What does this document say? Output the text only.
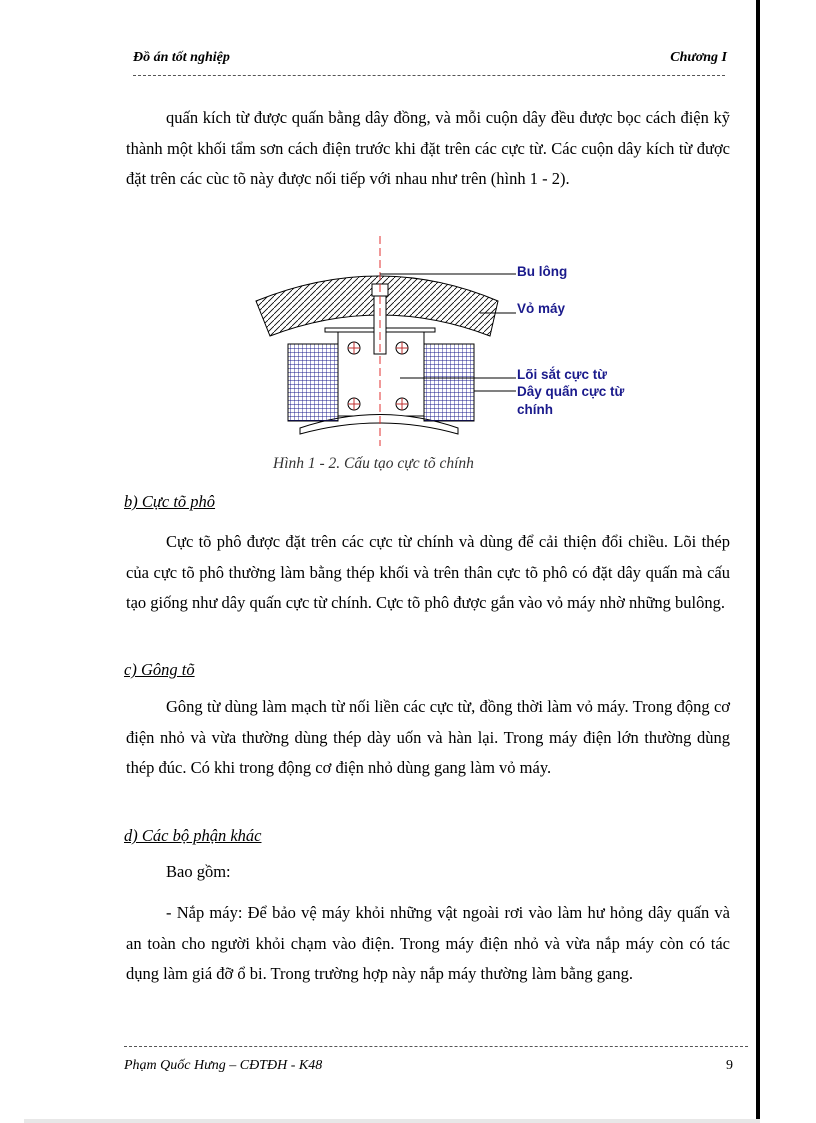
Đồ án tốt nghiệp	Chương I

quấn kích từ được quấn bằng dây đồng, và mỗi cuộn dây đều được bọc cách điện kỹ thành một khối tẩm sơn cách điện trước khi đặt trên các cực từ. Các cuộn dây kích từ được đặt trên các cùc tõ này được nối tiếp với nhau như trên (hình 1 - 2).

Bu lông
Vỏ máy
Lõi sắt cực từ
Dây quấn cực từ
chính
Hình 1 - 2. Cấu tạo cực tõ chính
b) Cực tõ phô

Cực tõ phô được đặt trên các cực từ chính và dùng để cải thiện đổi chiều. Lõi thép của cực tõ phô thường làm bằng thép khối và trên thân cực tõ phô có đặt dây quấn mà cấu tạo giống như dây quấn cực từ chính. Cực tõ phô được gắn vào vỏ máy nhờ những bulông.

c) Gông tõ

Gông từ dùng làm mạch từ nối liền các cực từ, đồng thời làm vỏ máy. Trong động cơ điện nhỏ và vừa thường dùng thép dày uốn và hàn lại. Trong máy điện lớn thường dùng thép đúc. Có khi trong động cơ điện nhỏ dùng gang làm vỏ máy.

d) Các bộ phận khác
Bao gồm:

- Nắp máy: Để bảo vệ máy khỏi những vật ngoài rơi vào làm hư hỏng dây quấn và an toàn cho người khỏi chạm vào điện. Trong máy điện nhỏ và vừa nắp máy còn có tác dụng làm giá đỡ ổ bi. Trong trường hợp này nắp máy thường làm bằng gang.

Phạm Quốc Hưng – CĐTĐH - K48	9
